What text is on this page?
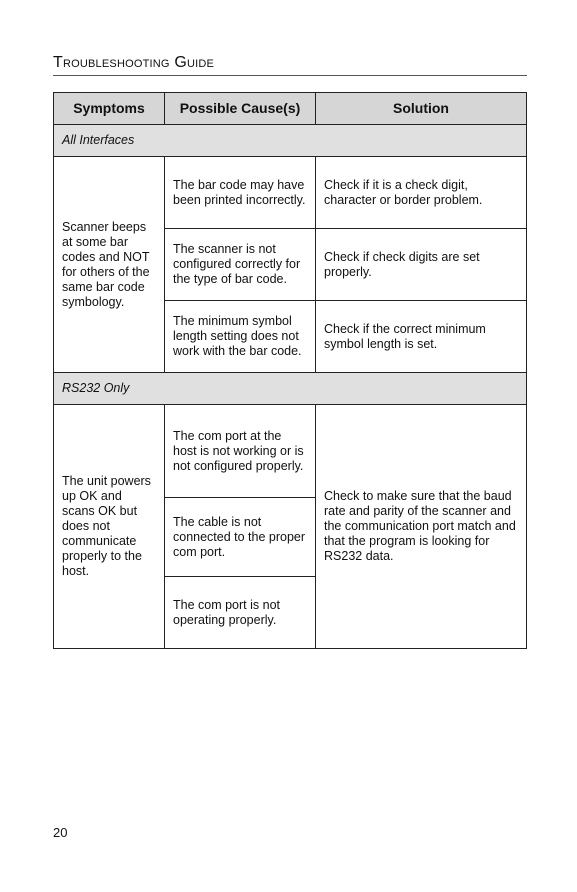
Troubleshooting Guide
Symptoms	Possible Cause(s)	Solution
All Interfaces		
Scanner beeps at some bar codes and NOT for others of the same bar code symbology.	The bar code may have been printed incorrectly.	Check if it is a check digit, character or border problem.
	The scanner is not configured correctly for the type of bar code.	Check if check digits are set properly.
	The minimum symbol length setting does not work with the bar code.	Check if the correct minimum symbol length is set.
RS232 Only		
The unit powers up OK and scans OK but does not communicate properly to the host.	The com port at the host is not working or is not configured properly.	Check to make sure that the baud rate and parity of the scanner and the communication port match and that the program is looking for RS232 data.
	The cable is not connected to the proper com port.	
	The com port is not operating properly.	
20
